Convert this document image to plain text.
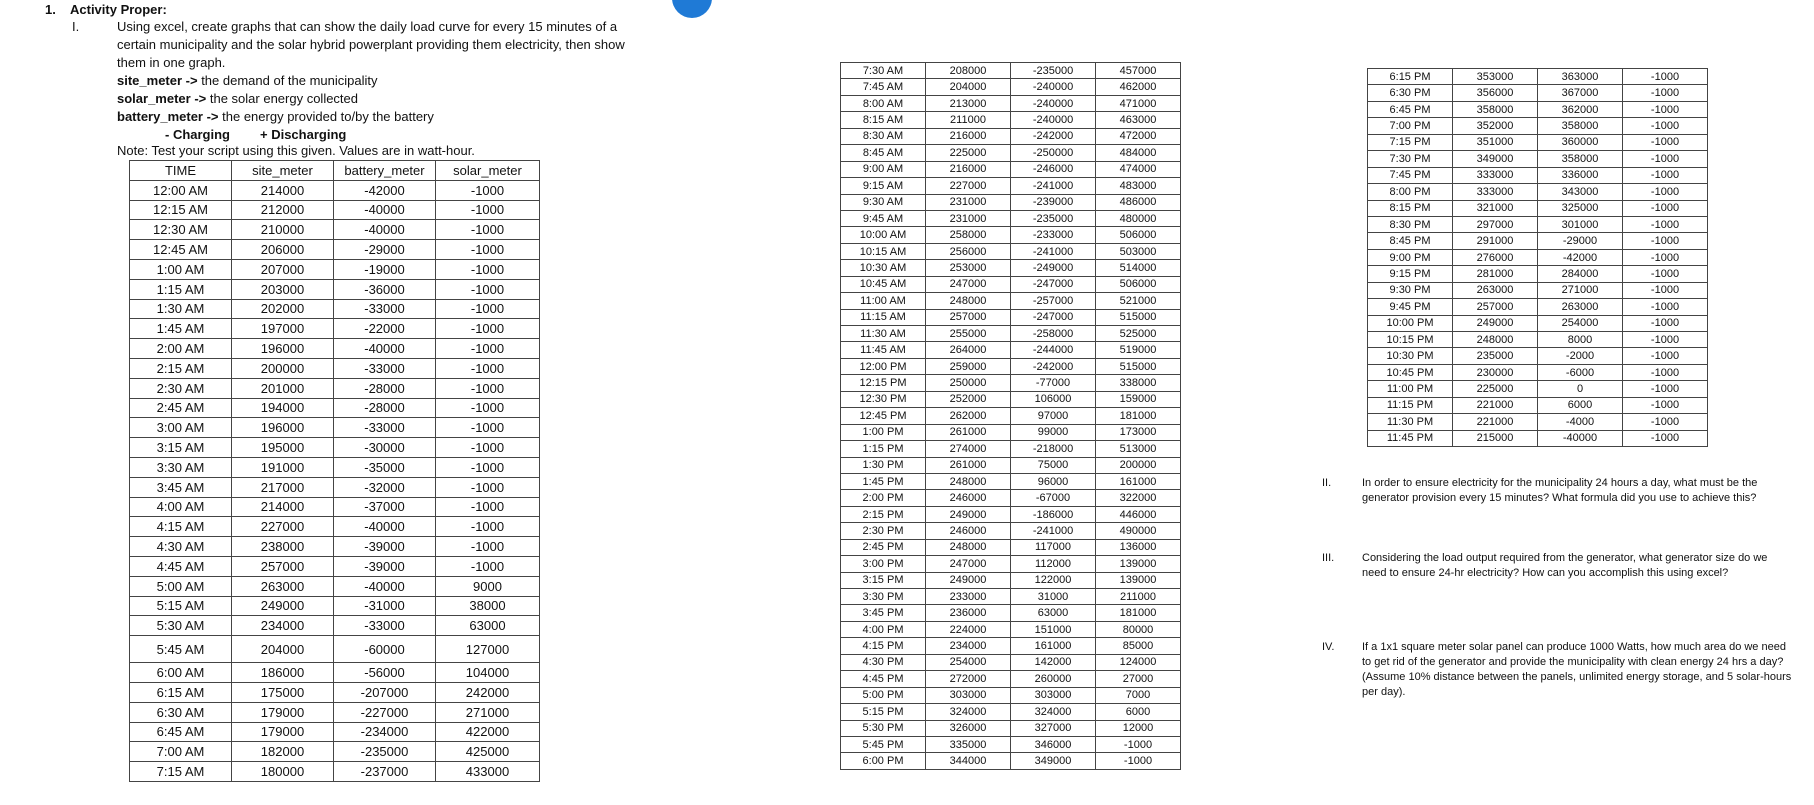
1. Activity Proper:
I.	Using excel, create graphs that can show the daily load curve for every 15 minutes of a certain municipality and the solar hybrid powerplant providing them electricity, then show them in one graph.
site_meter -> the demand of the municipality
solar_meter -> the solar energy collected
battery_meter -> the energy provided to/by the battery
- Charging + Discharging
Note: Test your script using this given. Values are in watt-hour.
TIME	site_meter	battery_meter	solar_meter
12:00 AM	214000	-42000	-1000
12:15 AM	212000	-40000	-1000
12:30 AM	210000	-40000	-1000
12:45 AM	206000	-29000	-1000
1:00 AM	207000	-19000	-1000
1:15 AM	203000	-36000	-1000
1:30 AM	202000	-33000	-1000
1:45 AM	197000	-22000	-1000
2:00 AM	196000	-40000	-1000
2:15 AM	200000	-33000	-1000
2:30 AM	201000	-28000	-1000
2:45 AM	194000	-28000	-1000
3:00 AM	196000	-33000	-1000
3:15 AM	195000	-30000	-1000
3:30 AM	191000	-35000	-1000
3:45 AM	217000	-32000	-1000
4:00 AM	214000	-37000	-1000
4:15 AM	227000	-40000	-1000
4:30 AM	238000	-39000	-1000
4:45 AM	257000	-39000	-1000
5:00 AM	263000	-40000	9000
5:15 AM	249000	-31000	38000
5:30 AM	234000	-33000	63000
5:45 AM	204000	-60000	127000
6:00 AM	186000	-56000	104000
6:15 AM	175000	-207000	242000
6:30 AM	179000	-227000	271000
6:45 AM	179000	-234000	422000
7:00 AM	182000	-235000	425000
7:15 AM	180000	-237000	433000
7:30 AM	208000	-235000	457000
7:45 AM	204000	-240000	462000
8:00 AM	213000	-240000	471000
8:15 AM	211000	-240000	463000
8:30 AM	216000	-242000	472000
8:45 AM	225000	-250000	484000
9:00 AM	216000	-246000	474000
9:15 AM	227000	-241000	483000
9:30 AM	231000	-239000	486000
9:45 AM	231000	-235000	480000
10:00 AM	258000	-233000	506000
10:15 AM	256000	-241000	503000
10:30 AM	253000	-249000	514000
10:45 AM	247000	-247000	506000
11:00 AM	248000	-257000	521000
11:15 AM	257000	-247000	515000
11:30 AM	255000	-258000	525000
11:45 AM	264000	-244000	519000
12:00 PM	259000	-242000	515000
12:15 PM	250000	-77000	338000
12:30 PM	252000	106000	159000
12:45 PM	262000	97000	181000
1:00 PM	261000	99000	173000
1:15 PM	274000	-218000	513000
1:30 PM	261000	75000	200000
1:45 PM	248000	96000	161000
2:00 PM	246000	-67000	322000
2:15 PM	249000	-186000	446000
2:30 PM	246000	-241000	490000
2:45 PM	248000	117000	136000
3:00 PM	247000	112000	139000
3:15 PM	249000	122000	139000
3:30 PM	233000	31000	211000
3:45 PM	236000	63000	181000
4:00 PM	224000	151000	80000
4:15 PM	234000	161000	85000
4:30 PM	254000	142000	124000
4:45 PM	272000	260000	27000
5:00 PM	303000	303000	7000
5:15 PM	324000	324000	6000
5:30 PM	326000	327000	12000
5:45 PM	335000	346000	-1000
6:00 PM	344000	349000	-1000
6:15 PM	353000	363000	-1000
6:30 PM	356000	367000	-1000
6:45 PM	358000	362000	-1000
7:00 PM	352000	358000	-1000
7:15 PM	351000	360000	-1000
7:30 PM	349000	358000	-1000
7:45 PM	333000	336000	-1000
8:00 PM	333000	343000	-1000
8:15 PM	321000	325000	-1000
8:30 PM	297000	301000	-1000
8:45 PM	291000	-29000	-1000
9:00 PM	276000	-42000	-1000
9:15 PM	281000	284000	-1000
9:30 PM	263000	271000	-1000
9:45 PM	257000	263000	-1000
10:00 PM	249000	254000	-1000
10:15 PM	248000	8000	-1000
10:30 PM	235000	-2000	-1000
10:45 PM	230000	-6000	-1000
11:00 PM	225000	0	-1000
11:15 PM	221000	6000	-1000
11:30 PM	221000	-4000	-1000
11:45 PM	215000	-40000	-1000
II.	In order to ensure electricity for the municipality 24 hours a day, what must be the generator provision every 15 minutes? What formula did you use to achieve this?
III.	Considering the load output required from the generator, what generator size do we need to ensure 24-hr electricity? How can you accomplish this using excel?
IV.	If a 1x1 square meter solar panel can produce 1000 Watts, how much area do we need to get rid of the generator and provide the municipality with clean energy 24 hrs a day? (Assume 10% distance between the panels, unlimited energy storage, and 5 solar-hours per day).
